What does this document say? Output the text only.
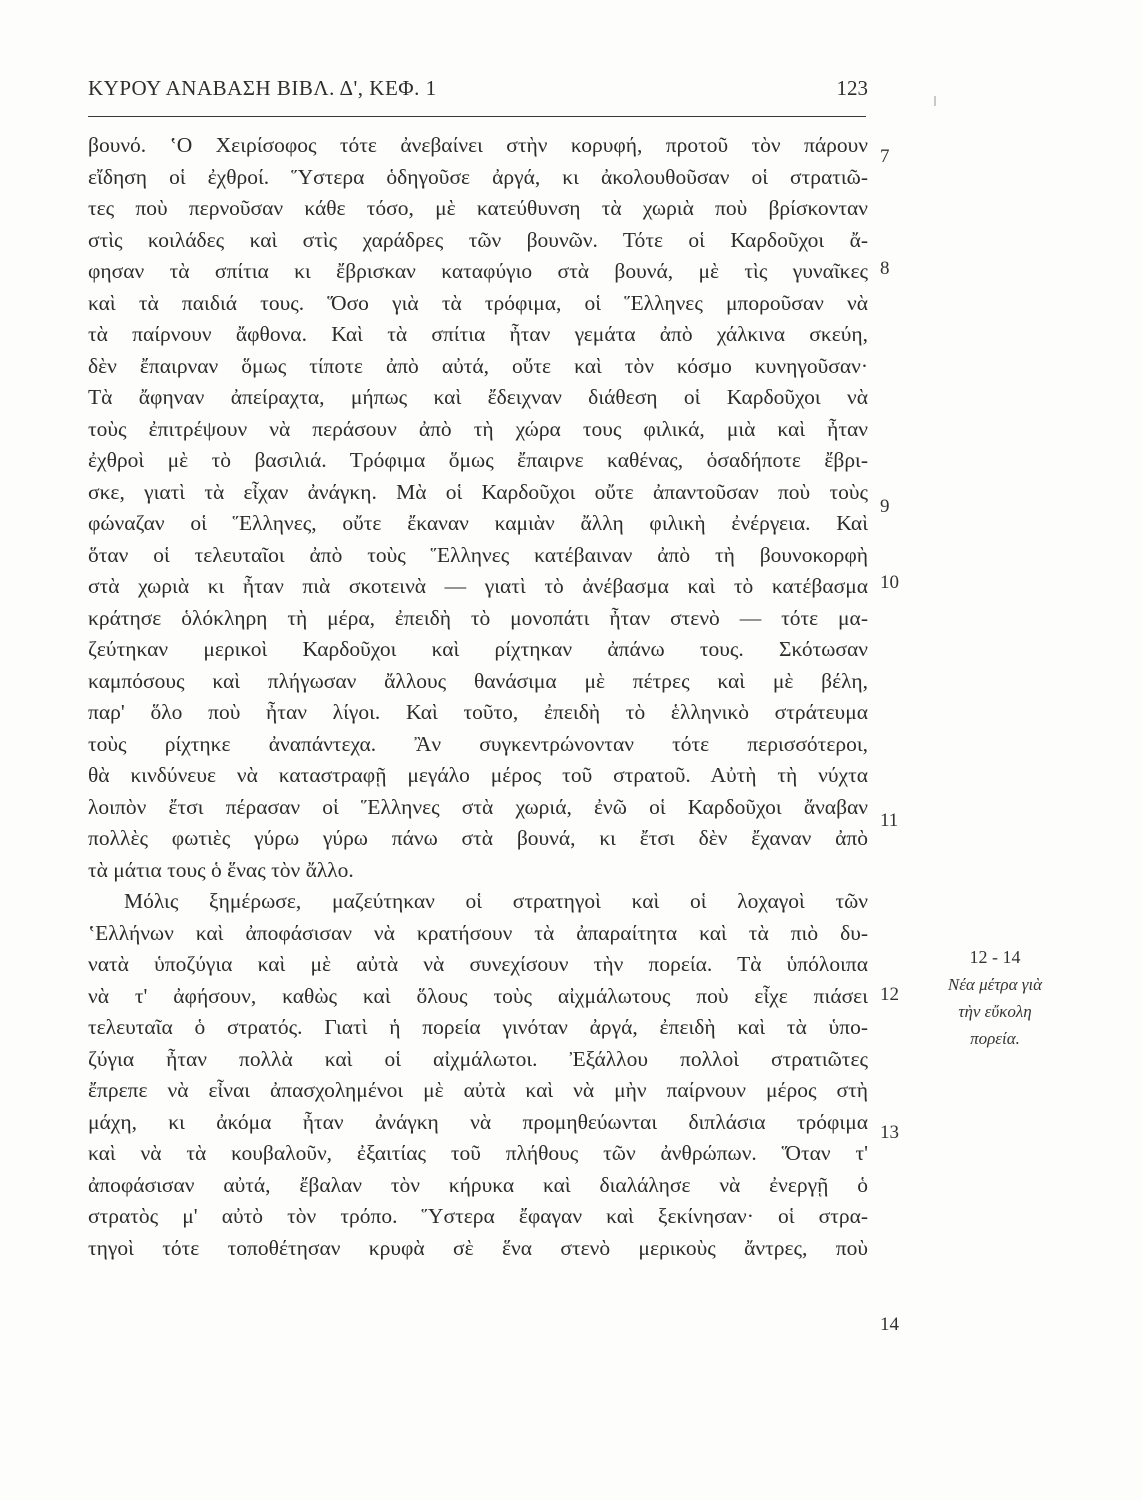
ΚΥΡΟΥ ΑΝΑΒΑΣΗ ΒΙΒΛ. Δ', ΚΕΦ. 1	123
βουνό. ‛Ο Χειρίσοφος τότε ἀνεβαίνει στὴν κορυφή, προτοῦ τὸν πάρουν
εἴδηση οἱ ἐχθροί. Ὕστερα ὁδηγοῦσε ἀργά, κι ἀκολουθοῦσαν οἱ στρατιῶ-
τες ποὺ περνοῦσαν κάθε τόσο, μὲ κατεύθυνση τὰ χωριὰ ποὺ βρίσκονταν
στὶς κοιλάδες καὶ στὶς χαράδρες τῶν βουνῶν. Τότε οἱ Καρδοῦχοι ἄ-
φησαν τὰ σπίτια κι ἔβρισκαν καταφύγιο στὰ βουνά, μὲ τὶς γυναῖκες
καὶ τὰ παιδιά τους. Ὅσο γιὰ τὰ τρόφιμα, οἱ Ἕλληνες μποροῦσαν νὰ
τὰ παίρνουν ἄφθονα. Καὶ τὰ σπίτια ἦταν γεμάτα ἀπὸ χάλκινα σκεύη,
δὲν ἔπαιρναν ὅμως τίποτε ἀπὸ αὐτά, οὔτε καὶ τὸν κόσμο κυνηγοῦσαν·
Τὰ ἄφηναν ἀπείραχτα, μήπως καὶ ἔδειχναν διάθεση οἱ Καρδοῦχοι νὰ
τοὺς ἐπιτρέψουν νὰ περάσουν ἀπὸ τὴ χώρα τους φιλικά, μιὰ καὶ ἦταν
ἐχθροὶ μὲ τὸ βασιλιά. Τρόφιμα ὅμως ἔπαιρνε καθένας, ὁσαδήποτε ἔβρι-
σκε, γιατὶ τὰ εἶχαν ἀνάγκη. Μὰ οἱ Καρδοῦχοι οὔτε ἀπαντοῦσαν ποὺ τοὺς
φώναζαν οἱ Ἕλληνες, οὔτε ἔκαναν καμιὰν ἄλλη φιλικὴ ἐνέργεια. Καὶ
ὅταν οἱ τελευταῖοι ἀπὸ τοὺς Ἕλληνες κατέβαιναν ἀπὸ τὴ βουνοκορφὴ
στὰ χωριὰ κι ἦταν πιὰ σκοτεινὰ — γιατὶ τὸ ἀνέβασμα καὶ τὸ κατέβασμα
κράτησε ὁλόκληρη τὴ μέρα, ἐπειδὴ τὸ μονοπάτι ἦταν στενὸ — τότε μα-
ζεύτηκαν μερικοὶ Καρδοῦχοι καὶ ρίχτηκαν ἀπάνω τους. Σκότωσαν
καμπόσους καὶ πλήγωσαν ἄλλους θανάσιμα μὲ πέτρες καὶ μὲ βέλη,
παρ' ὅλο ποὺ ἦταν λίγοι. Καὶ τοῦτο, ἐπειδὴ τὸ ἑλληνικὸ στράτευμα
τοὺς ρίχτηκε ἀναπάντεχα. Ἂν συγκεντρώνονταν τότε περισσότεροι,
θὰ κινδύνευε νὰ καταστραφῇ μεγάλο μέρος τοῦ στρατοῦ. Αὐτὴ τὴ νύχτα
λοιπὸν ἔτσι πέρασαν οἱ Ἕλληνες στὰ χωριά, ἐνῶ οἱ Καρδοῦχοι ἄναβαν
πολλὲς φωτιὲς γύρω γύρω πάνω στὰ βουνά, κι ἔτσι δὲν ἔχαναν ἀπὸ
τὰ μάτια τους ὁ ἕνας τὸν ἄλλο.
Μόλις ξημέρωσε, μαζεύτηκαν οἱ στρατηγοὶ καὶ οἱ λοχαγοὶ τῶν
‛Ελλήνων καὶ ἀποφάσισαν νὰ κρατήσουν τὰ ἀπαραίτητα καὶ τὰ πιὸ δυ-
νατὰ ὑποζύγια καὶ μὲ αὐτὰ νὰ συνεχίσουν τὴν πορεία. Τὰ ὑπόλοιπα
νὰ τ' ἀφήσουν, καθὼς καὶ ὅλους τοὺς αἰχμάλωτους ποὺ εἶχε πιάσει
τελευταῖα ὁ στρατός. Γιατὶ ἡ πορεία γινόταν ἀργά, ἐπειδὴ καὶ τὰ ὑπο-
ζύγια ἦταν πολλὰ καὶ οἱ αἰχμάλωτοι. Ἐξάλλου πολλοὶ στρατιῶτες
ἔπρεπε νὰ εἶναι ἀπασχολημένοι μὲ αὐτὰ καὶ νὰ μὴν παίρνουν μέρος στὴ
μάχη, κι ἀκόμα ἦταν ἀνάγκη νὰ προμηθεύωνται διπλάσια τρόφιμα
καὶ νὰ τὰ κουβαλοῦν, ἐξαιτίας τοῦ πλήθους τῶν ἀνθρώπων. Ὅταν τ'
ἀποφάσισαν αὐτά, ἔβαλαν τὸν κήρυκα καὶ διαλάλησε νὰ ἐνεργῇ ὁ
στρατὸς μ' αὐτὸ τὸν τρόπο. Ὕστερα ἔφαγαν καὶ ξεκίνησαν· οἱ στρα-
τηγοὶ τότε τοποθέτησαν κρυφὰ σὲ ἕνα στενὸ μερικοὺς ἄντρες, ποὺ
7
8
9
10
11
12
13
14
12 - 14
Νέα μέτρα γιὰ
τὴν εὔκολη
πορεία.
